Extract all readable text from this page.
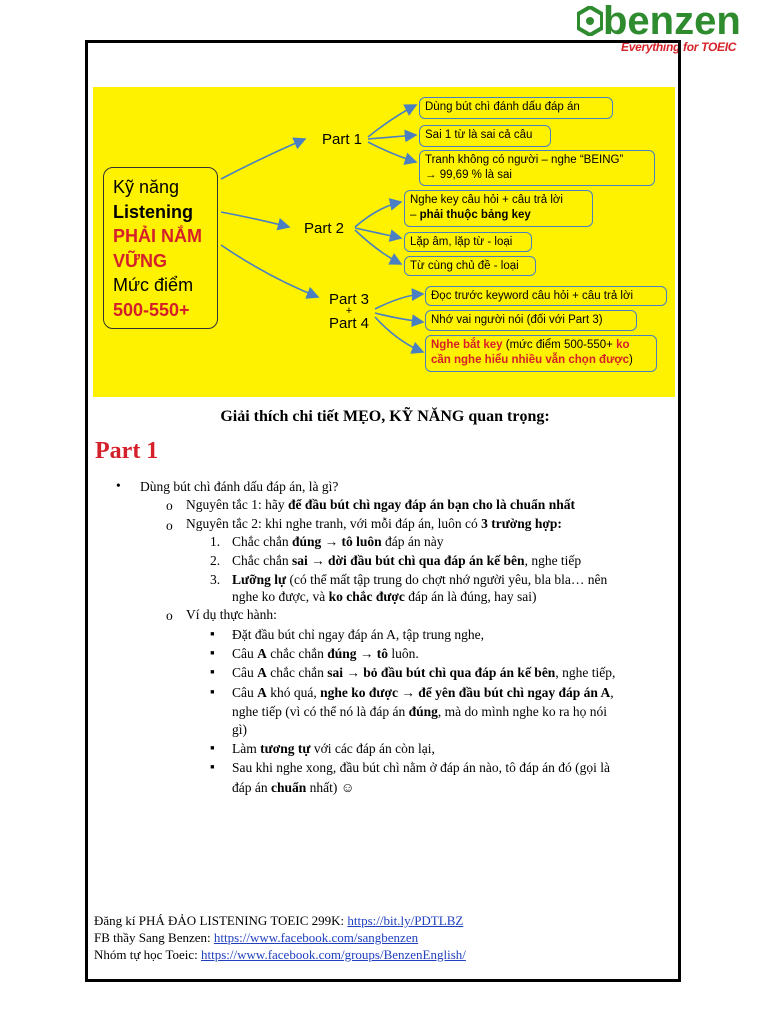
benzen
Everything for TOEIC
Kỹ năng
Listening
PHẢI NẮM
VỮNG
Mức điểm
500-550+
Part 1
Part 2
Part 3
+
Part 4
Dùng bút chì đánh dấu đáp án
Sai 1 từ là sai cả câu
Tranh không có người – nghe “BEING”
→ 99,69 % là sai
Nghe key câu hỏi + câu trả lời
– phải thuộc bảng key
Lặp âm, lặp từ - loại
Từ cùng chủ đề - loại
Đọc trước keyword câu hỏi + câu trả lời
Nhớ vai người nói (đối với Part 3)
Nghe bắt key (mức điểm 500-550+ ko
cần nghe hiểu nhiều vẫn chọn được)
Giải thích chi tiết MẸO, KỸ NĂNG quan trọng:
Part 1
• Dùng bút chì đánh dấu đáp án, là gì?
o Nguyên tắc 1: hãy để đầu bút chì ngay đáp án bạn cho là chuẩn nhất
o Nguyên tắc 2: khi nghe tranh, với mỗi đáp án, luôn có 3 trường hợp:
1. Chắc chắn đúng → tô luôn đáp án này
2. Chắc chắn sai → dời đầu bút chì qua đáp án kế bên, nghe tiếp
3. Lưỡng lự (có thể mất tập trung do chợt nhớ người yêu, bla bla… nên
nghe ko được, và ko chắc được đáp án là đúng, hay sai)
o Ví dụ thực hành:
▪ Đặt đầu bút chỉ ngay đáp án A, tập trung nghe,
▪ Câu A chắc chắn đúng → tô luôn.
▪ Câu A chắc chắn sai → bỏ đầu bút chì qua đáp án kế bên, nghe tiếp,
▪ Câu A khó quá, nghe ko được → để yên đầu bút chì ngay đáp án A,
nghe tiếp (vì có thể nó là đáp án đúng, mà do mình nghe ko ra họ nói
gì)
▪ Làm tương tự với các đáp án còn lại,
▪ Sau khi nghe xong, đầu bút chì nằm ở đáp án nào, tô đáp án đó (gọi là
đáp án chuẩn nhất) ☺
Đăng kí PHÁ ĐẢO LISTENING TOEIC 299K: https://bit.ly/PDTLBZ
FB thầy Sang Benzen: https://www.facebook.com/sangbenzen
Nhóm tự học Toeic: https://www.facebook.com/groups/BenzenEnglish/
